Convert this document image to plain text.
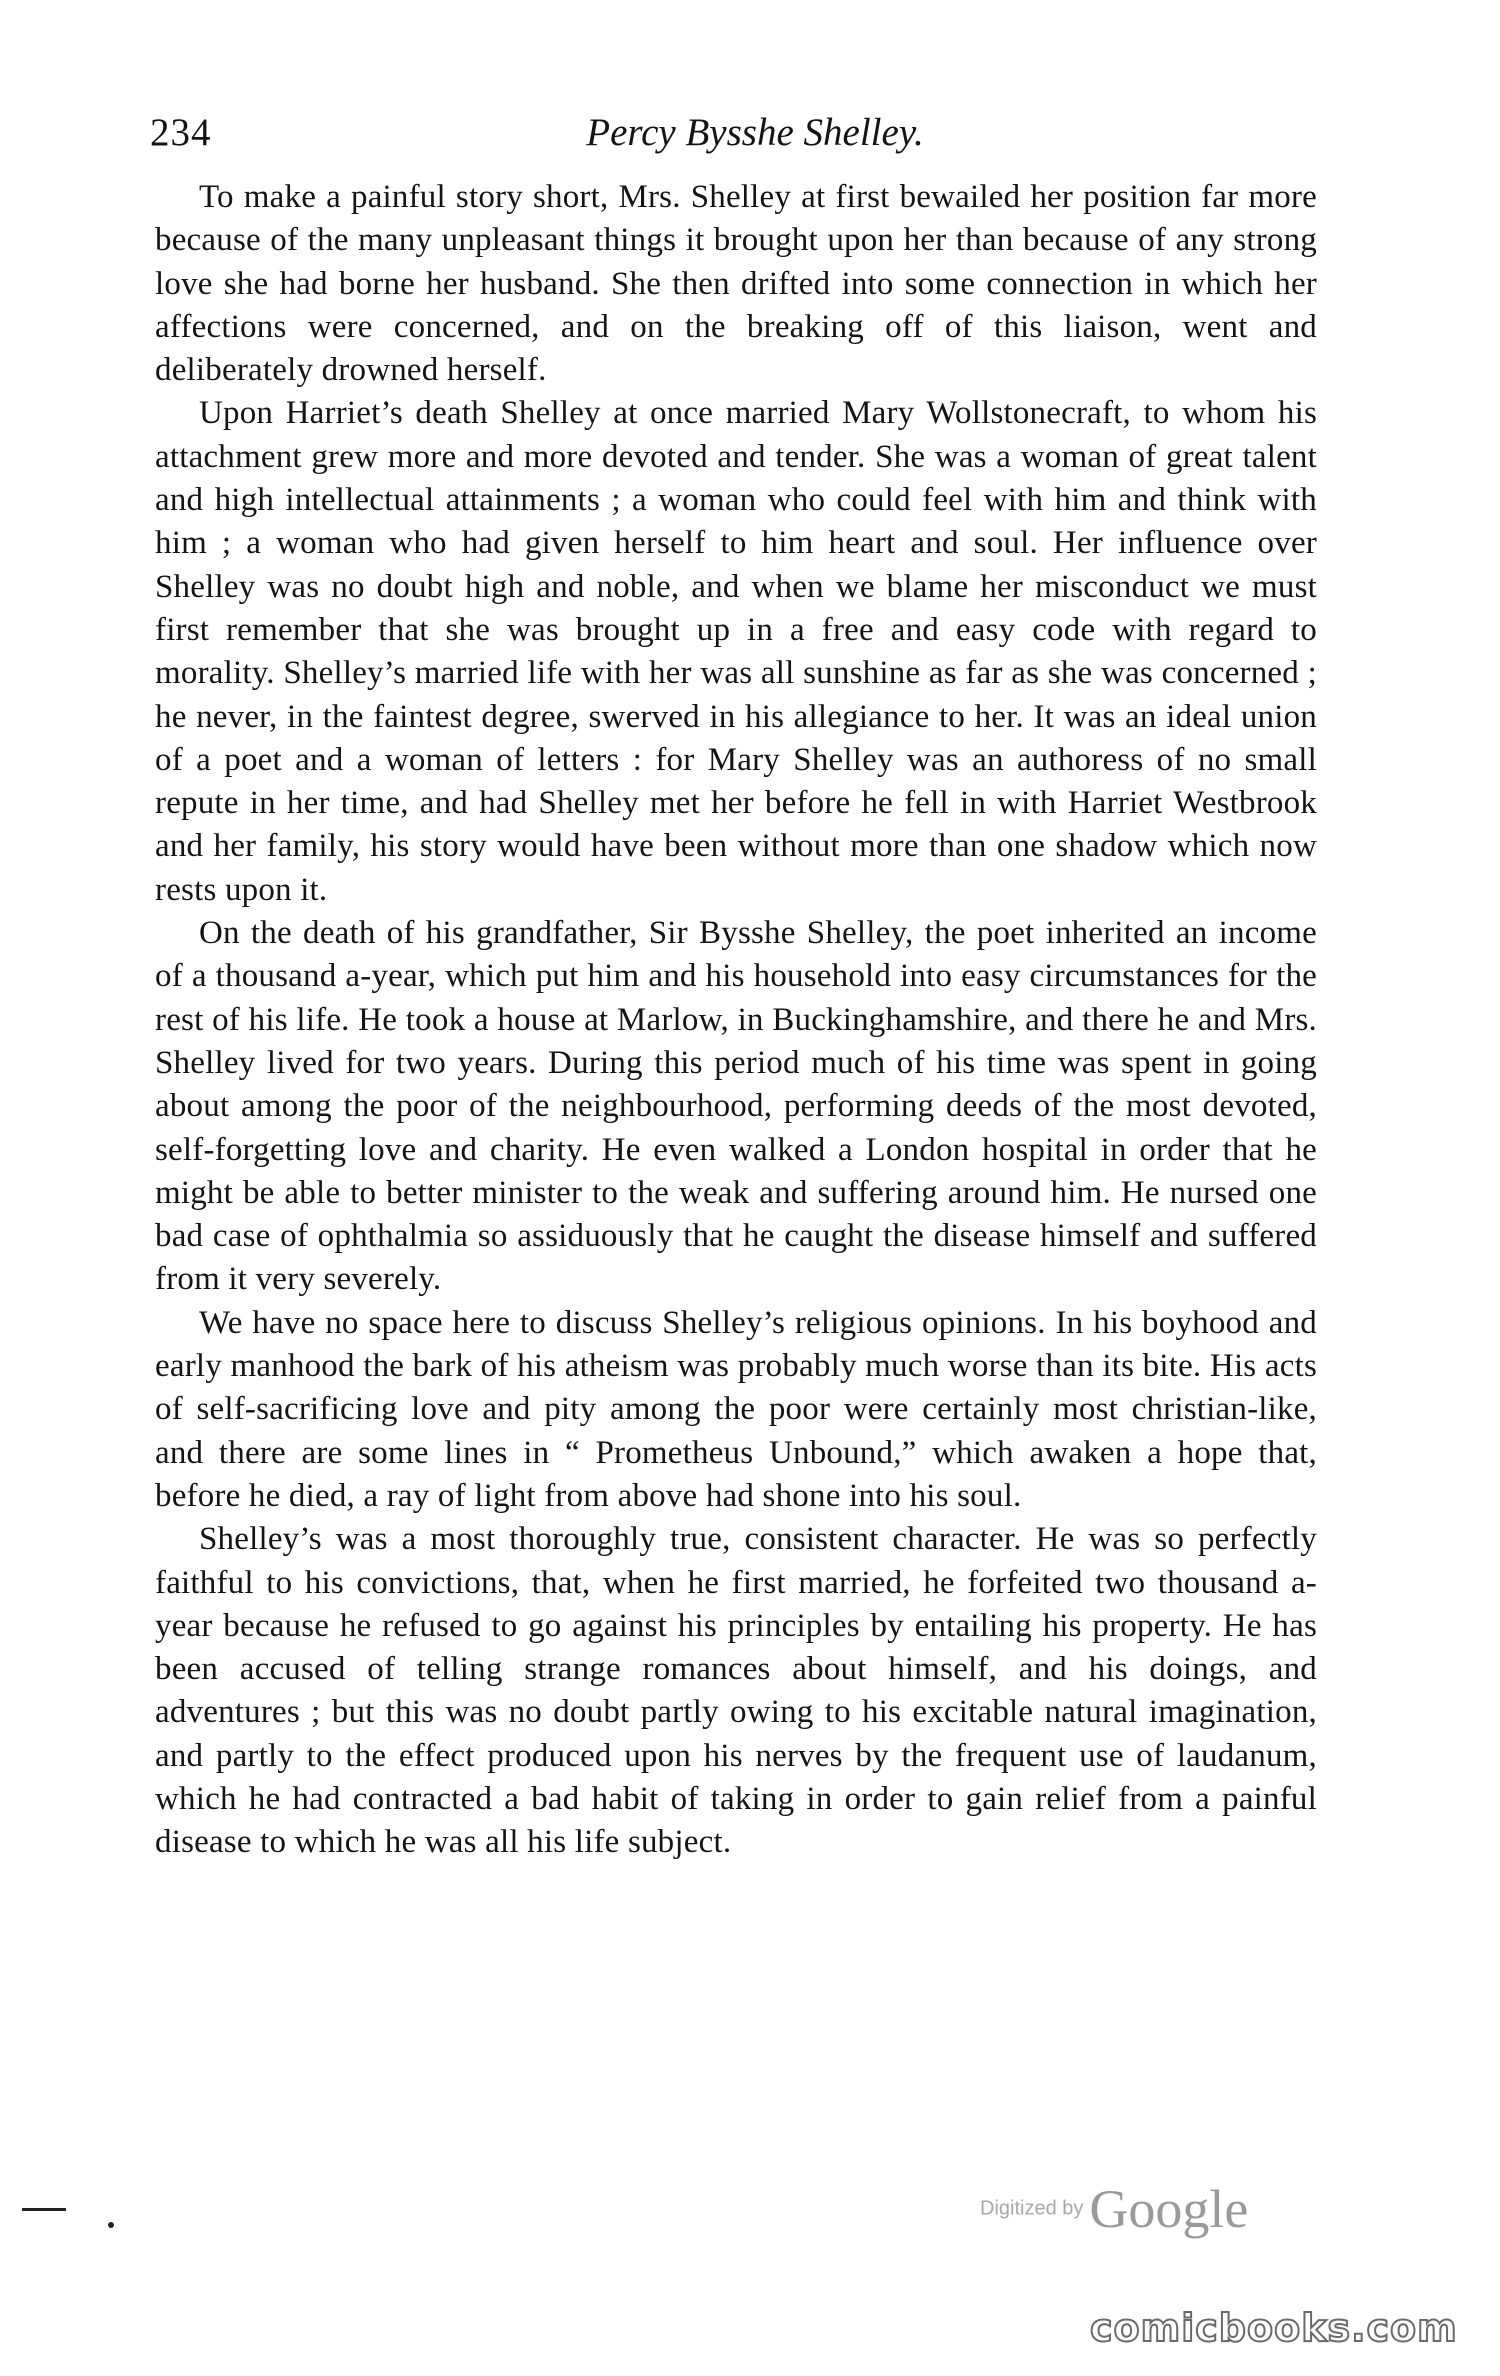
234	Percy Bysshe Shelley.

To make a painful story short, Mrs. Shelley at first bewailed her position far more because of the many unpleasant things it brought upon her than because of any strong love she had borne her husband. She then drifted into some connection in which her affections were concerned, and on the breaking off of this liaison, went and deliberately drowned herself.

Upon Harriet’s death Shelley at once married Mary Wollstonecraft, to whom his attachment grew more and more devoted and tender. She was a woman of great talent and high intellectual attainments ; a woman who could feel with him and think with him ; a woman who had given herself to him heart and soul. Her influence over Shelley was no doubt high and noble, and when we blame her misconduct we must first remember that she was brought up in a free and easy code with regard to morality. Shelley’s married life with her was all sunshine as far as she was concerned ; he never, in the faintest degree, swerved in his allegiance to her. It was an ideal union of a poet and a woman of letters : for Mary Shelley was an authoress of no small repute in her time, and had Shelley met her before he fell in with Harriet Westbrook and her family, his story would have been without more than one shadow which now rests upon it.

On the death of his grandfather, Sir Bysshe Shelley, the poet inherited an income of a thousand a-year, which put him and his household into easy circumstances for the rest of his life. He took a house at Marlow, in Buckinghamshire, and there he and Mrs. Shelley lived for two years. During this period much of his time was spent in going about among the poor of the neighbourhood, performing deeds of the most devoted, self-forgetting love and charity. He even walked a London hospital in order that he might be able to better minister to the weak and suffering around him. He nursed one bad case of ophthalmia so assiduously that he caught the disease himself and suffered from it very severely.

We have no space here to discuss Shelley’s religious opinions. In his boyhood and early manhood the bark of his atheism was probably much worse than its bite. His acts of self-sacrificing love and pity among the poor were certainly most christian-like, and there are some lines in “ Prometheus Unbound,” which awaken a hope that, before he died, a ray of light from above had shone into his soul.

Shelley’s was a most thoroughly true, consistent character. He was so perfectly faithful to his convictions, that, when he first married, he forfeited two thousand a-year because he refused to go against his principles by entailing his property. He has been accused of telling strange romances about himself, and his doings, and adventures ; but this was no doubt partly owing to his excitable natural imagination, and partly to the effect produced upon his nerves by the frequent use of laudanum, which he had contracted a bad habit of taking in order to gain relief from a painful disease to which he was all his life subject.

Digitized by Google
comicbooks.com
